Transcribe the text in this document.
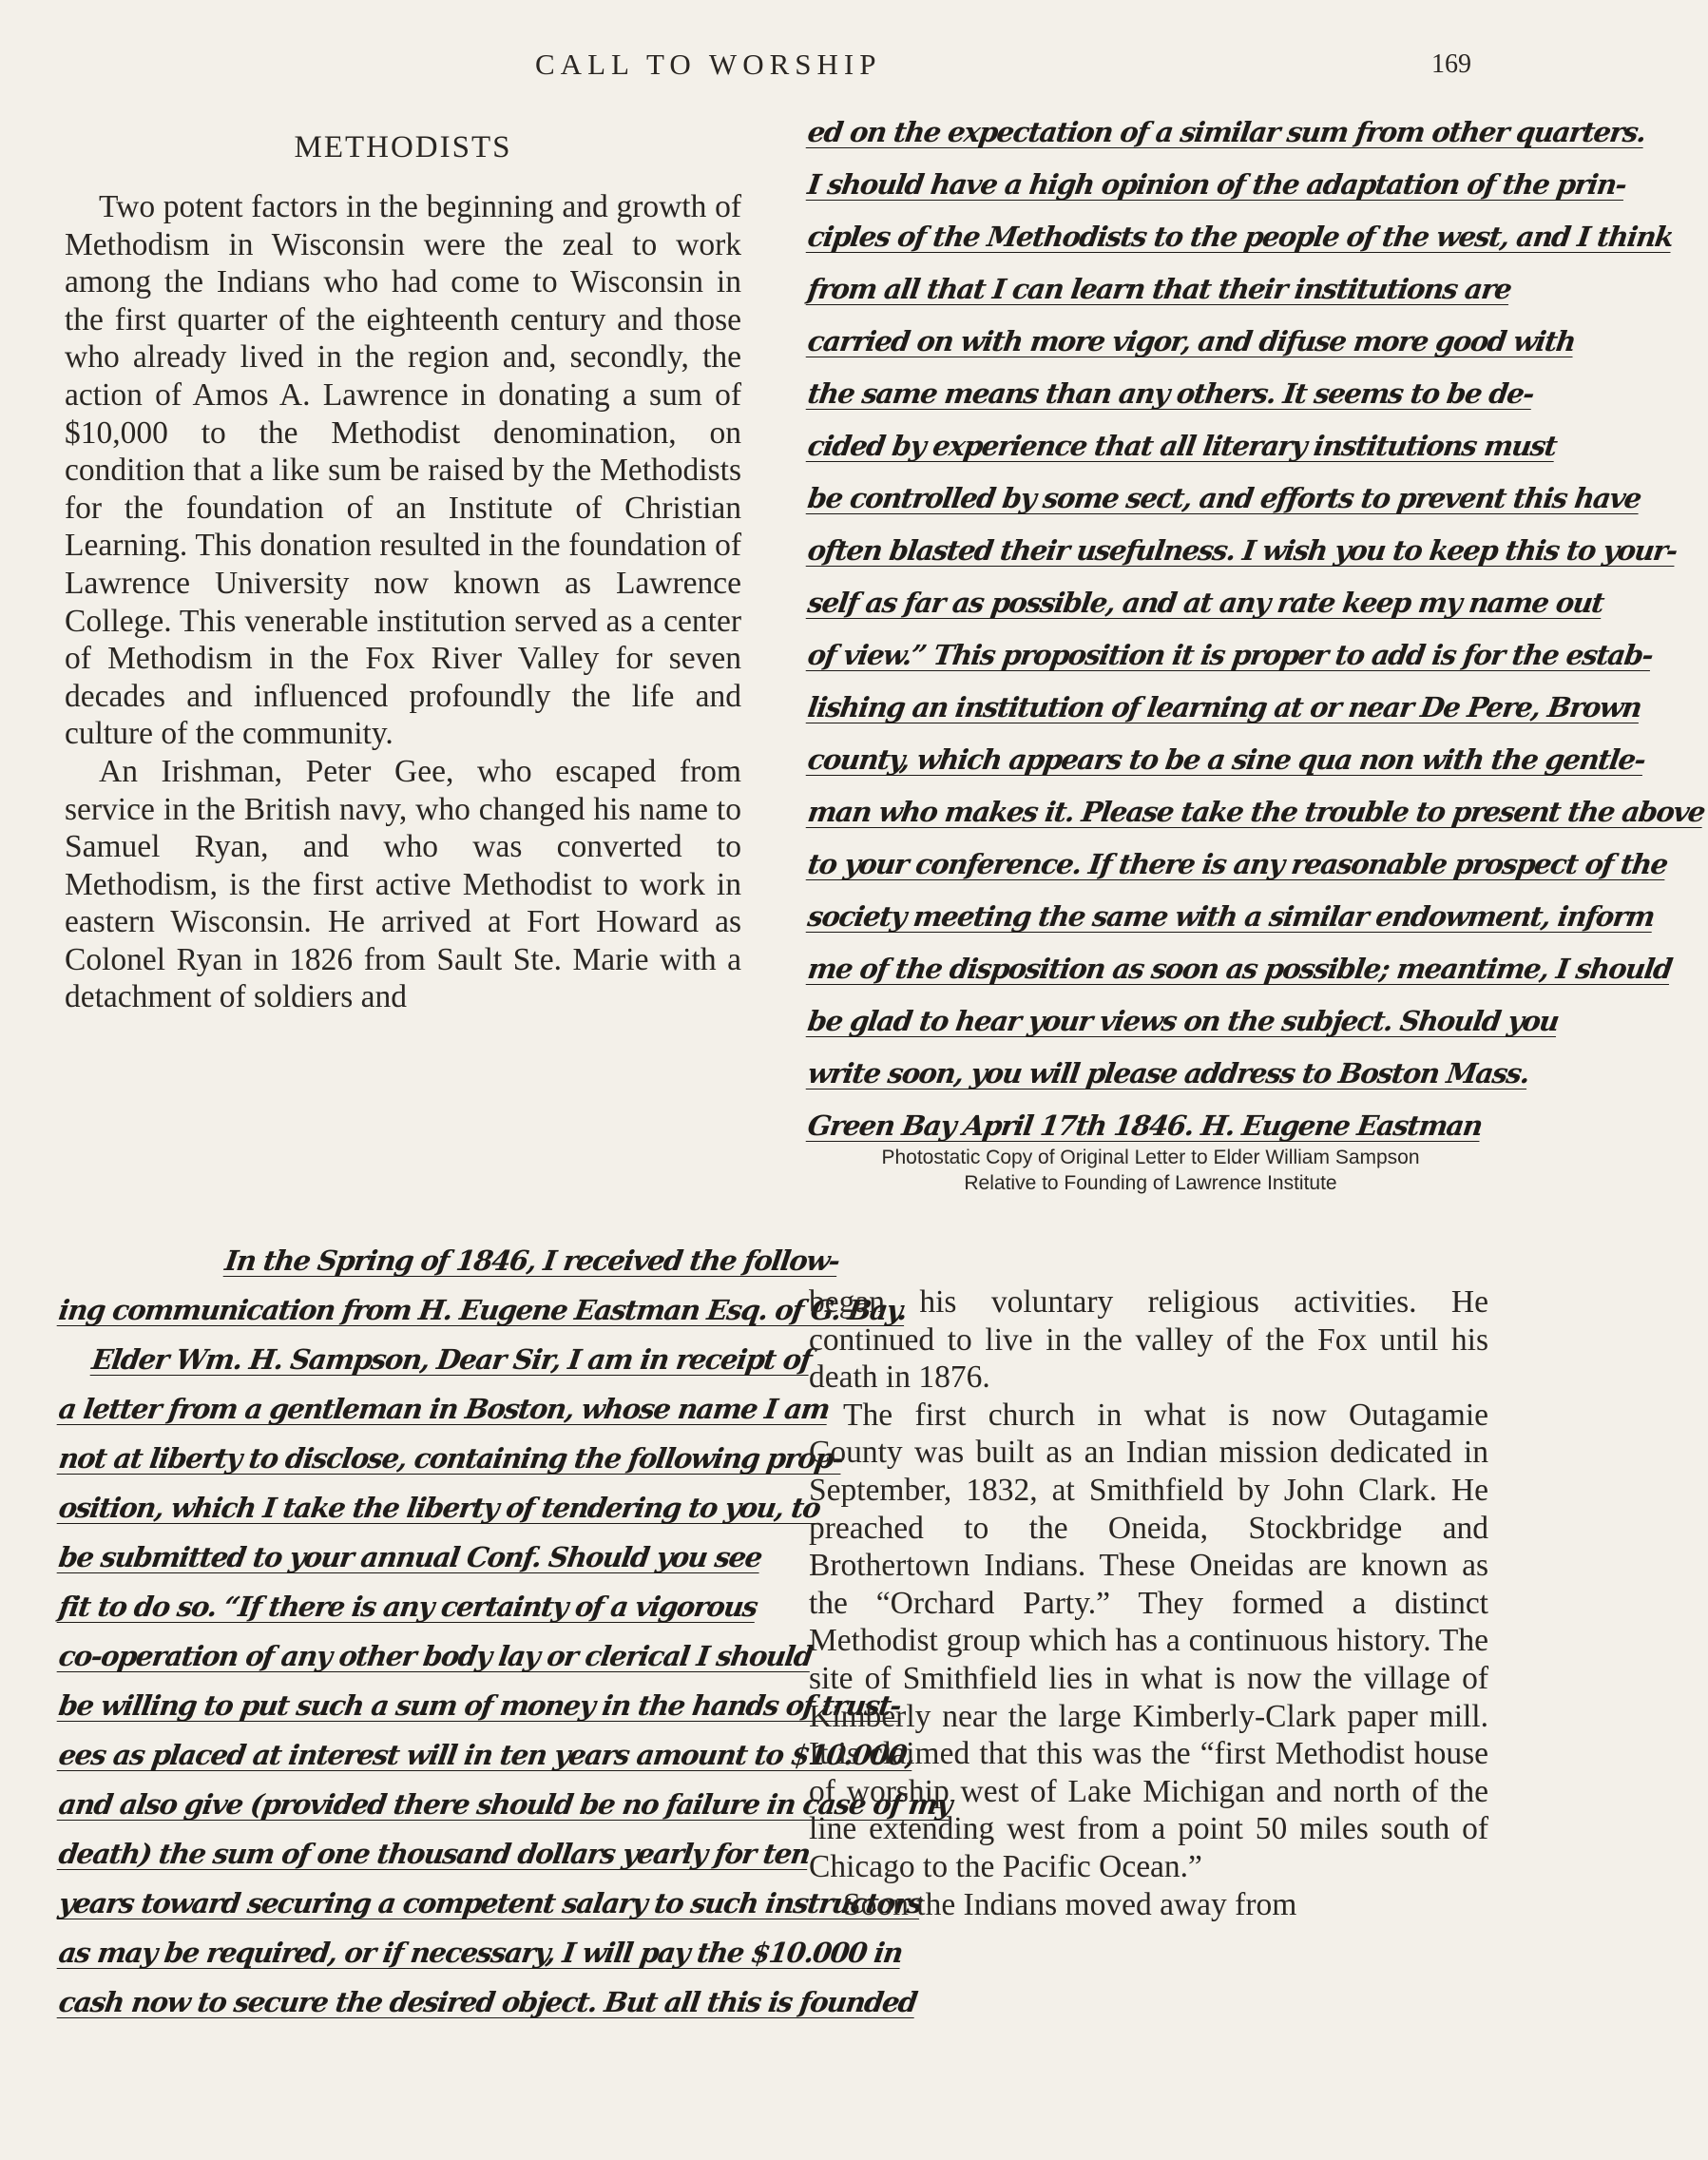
CALL TO WORSHIP	169
METHODISTS

Two potent factors in the beginning and growth of Methodism in Wisconsin were the zeal to work among the Indians who had come to Wisconsin in the first quarter of the eighteenth century and those who already lived in the region and, secondly, the action of Amos A. Lawrence in donating a sum of $10,000 to the Methodist denomination, on condition that a like sum be raised by the Methodists for the foundation of an Institute of Christian Learning. This donation resulted in the foundation of Lawrence University now known as Lawrence College. This venerable institution served as a center of Methodism in the Fox River Valley for seven decades and influenced profoundly the life and culture of the community.

An Irishman, Peter Gee, who escaped from service in the British navy, who changed his name to Samuel Ryan, and who was converted to Methodism, is the first active Methodist to work in eastern Wisconsin. He arrived at Fort Howard as Colonel Ryan in 1826 from Sault Ste. Marie with a detachment of soldiers and

ed on the expectation of a similar sum from other quarters.
I should have a high opinion of the adaptation of the prin-
ciples of the Methodists to the people of the west, and I think
from all that I can learn that their institutions are
carried on with more vigor, and difuse more good with
the same means than any others. It seems to be de-
cided by experience that all literary institutions must
be controlled by some sect, and efforts to prevent this have
often blasted their usefulness. I wish you to keep this to your-
self as far as possible, and at any rate keep my name out
of view.” This proposition it is proper to add is for the estab-
lishing an institution of learning at or near De Pere, Brown
county, which appears to be a sine qua non with the gentle-
man who makes it. Please take the trouble to present the above
to your conference. If there is any reasonable prospect of the
society meeting the same with a similar endowment, inform
me of the disposition as soon as possible; meantime, I should
be glad to hear your views on the subject. Should you
write soon, you will please address to Boston Mass.
Green Bay April 17th 1846. H. Eugene Eastman
Photostatic Copy of Original Letter to Elder William Sampson
Relative to Founding of Lawrence Institute
In the Spring of 1846, I received the follow-
ing communication from H. Eugene Eastman Esq. of G. Bay.
Elder Wm. H. Sampson, Dear Sir, I am in receipt of
a letter from a gentleman in Boston, whose name I am
not at liberty to disclose, containing the following prop-
osition, which I take the liberty of tendering to you, to
be submitted to your annual Conf. Should you see
fit to do so. “If there is any certainty of a vigorous
co-operation of any other body lay or clerical I should
be willing to put such a sum of money in the hands of trust-
ees as placed at interest will in ten years amount to $10.000,
and also give (provided there should be no failure in case of my
death) the sum of one thousand dollars yearly for ten
years toward securing a competent salary to such instructors
as may be required, or if necessary, I will pay the $10.000 in
cash now to secure the desired object. But all this is founded

began his voluntary religious activities. He continued to live in the valley of the Fox until his death in 1876.

The first church in what is now Outagamie County was built as an Indian mission dedicated in September, 1832, at Smithfield by John Clark. He preached to the Oneida, Stockbridge and Brothertown Indians. These Oneidas are known as the “Orchard Party.” They formed a distinct Methodist group which has a continuous history. The site of Smithfield lies in what is now the village of Kimberly near the large Kimberly-Clark paper mill. It is claimed that this was the “first Methodist house of worship west of Lake Michigan and north of the line extending west from a point 50 miles south of Chicago to the Pacific Ocean.”

Soon the Indians moved away from
